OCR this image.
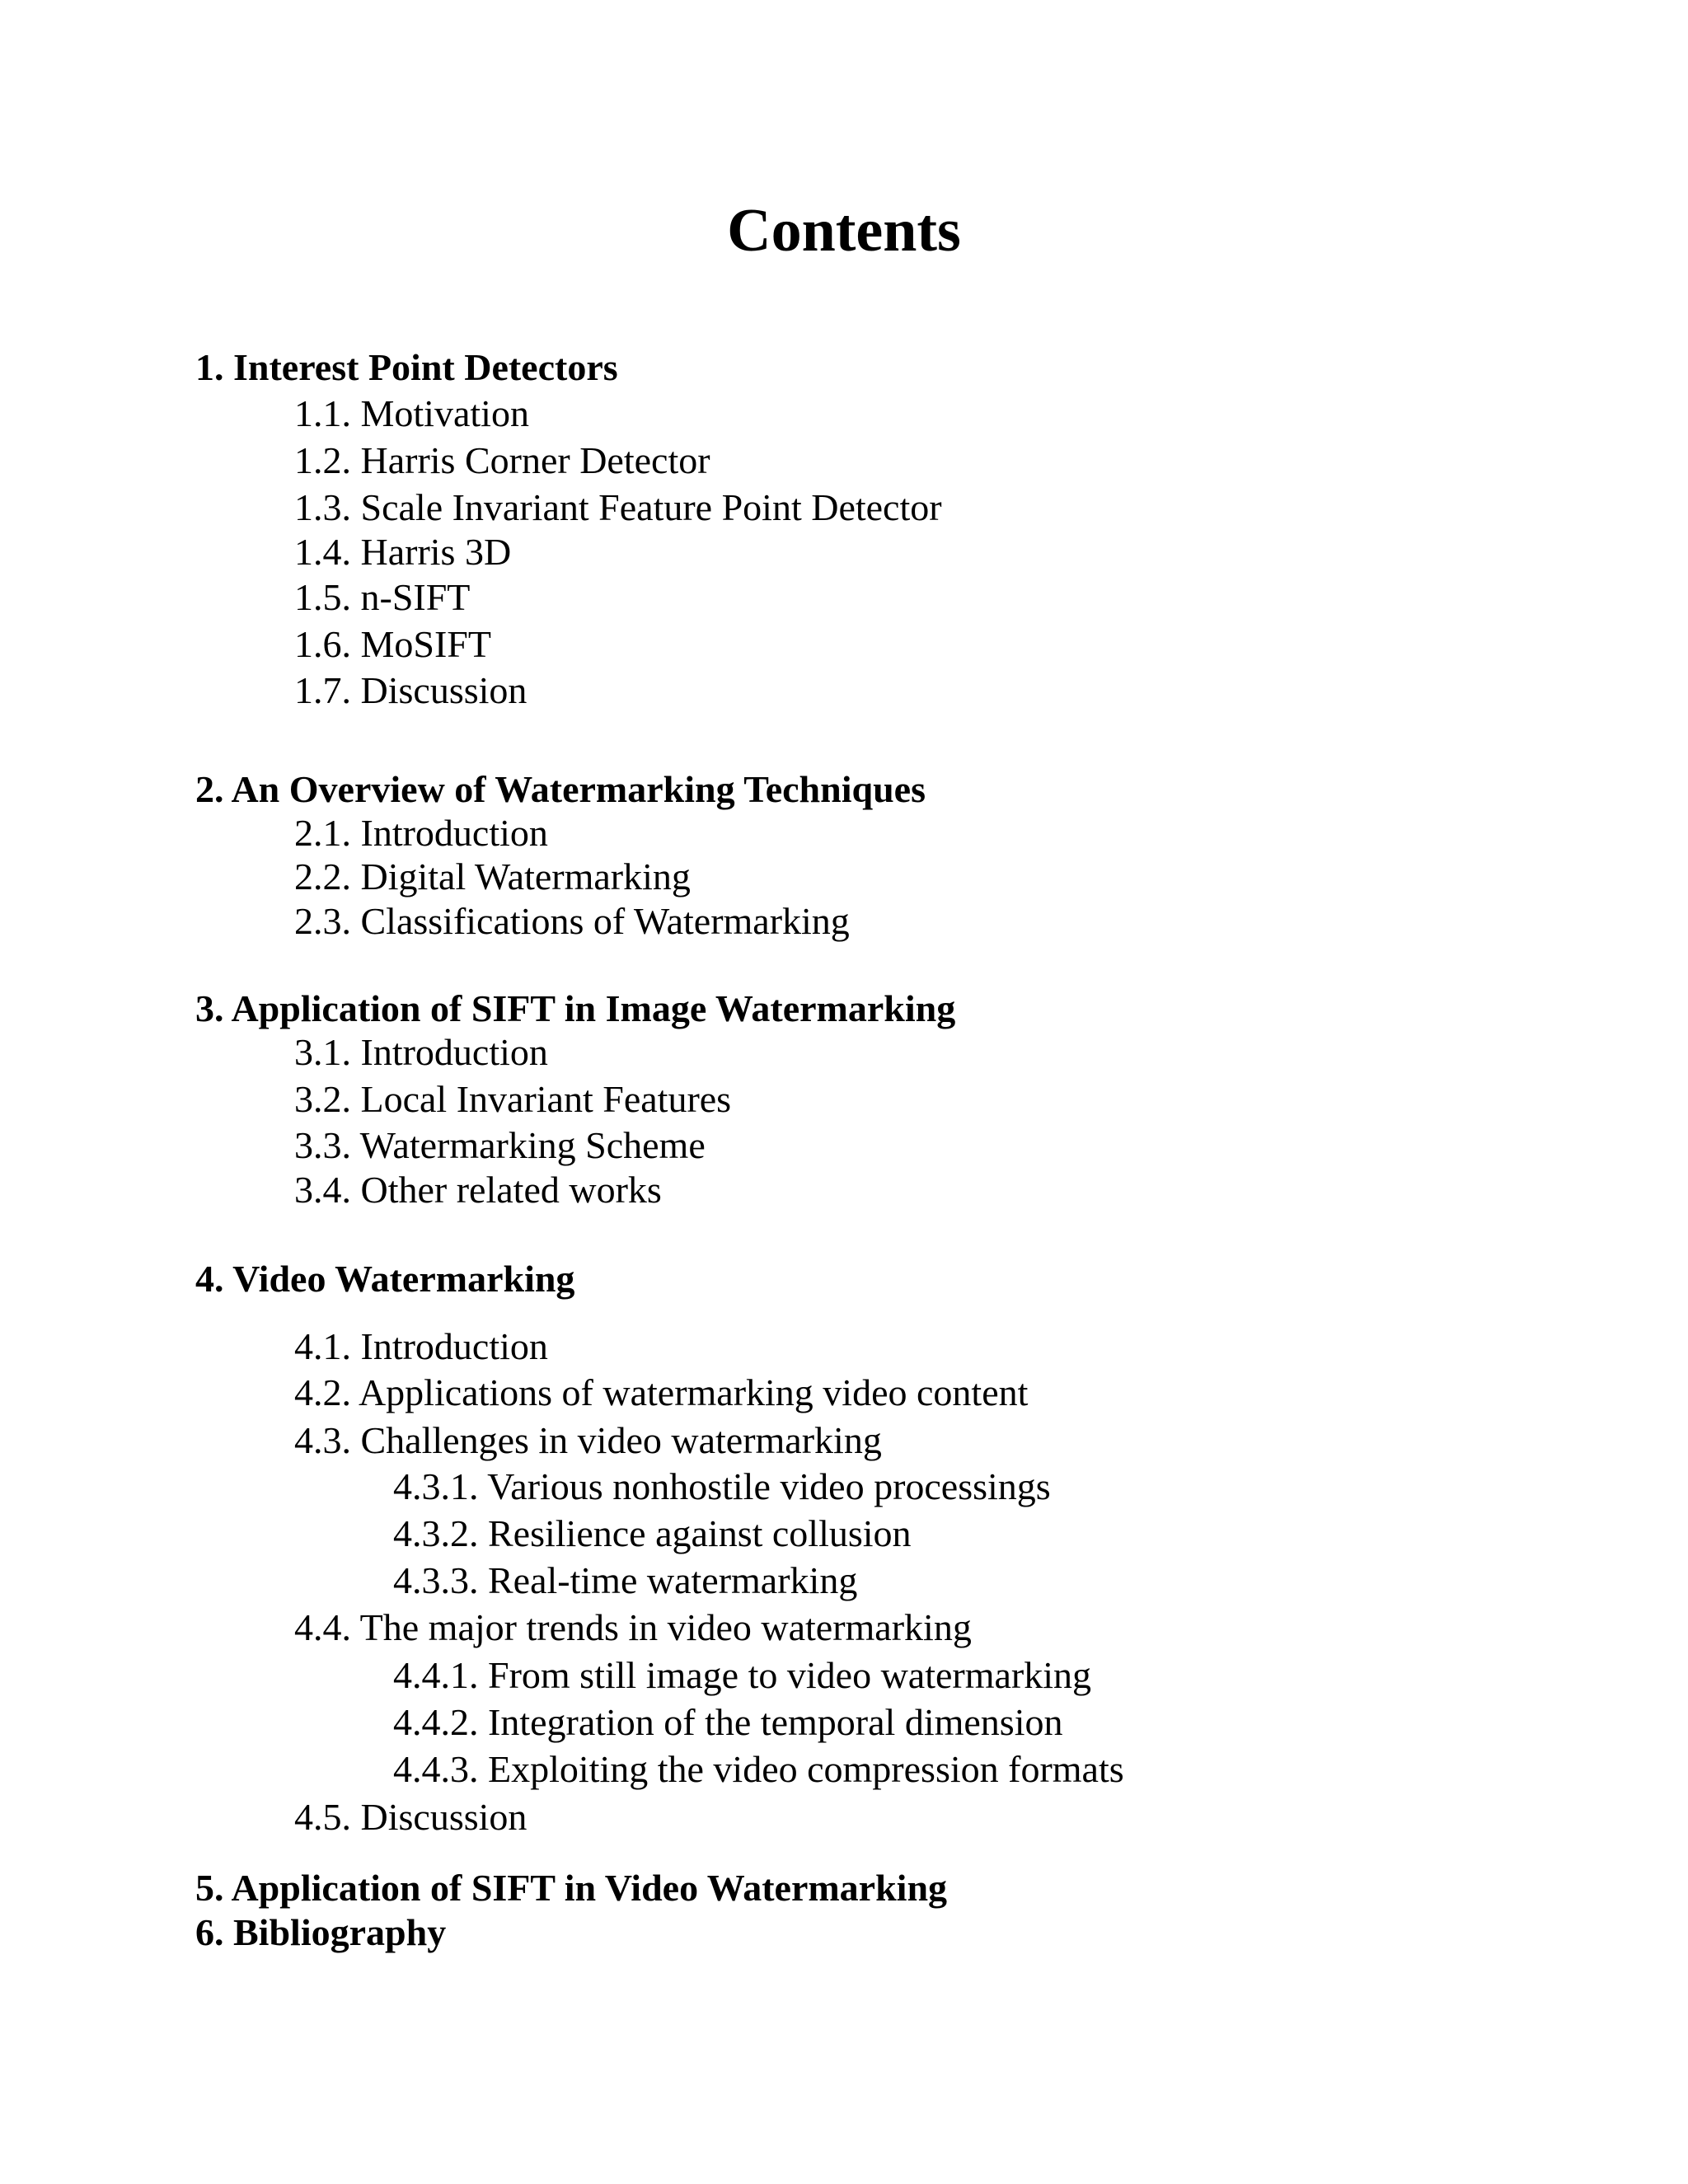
Contents
1. Interest Point Detectors
1.1. Motivation
1.2. Harris Corner Detector
1.3. Scale Invariant Feature Point Detector
1.4. Harris 3D
1.5. n-SIFT
1.6. MoSIFT
1.7. Discussion
2. An Overview of Watermarking Techniques
2.1. Introduction
2.2. Digital Watermarking
2.3. Classifications of Watermarking
3. Application of SIFT in Image Watermarking
3.1. Introduction
3.2. Local Invariant Features
3.3. Watermarking Scheme
3.4. Other related works
4. Video Watermarking
4.1. Introduction
4.2. Applications of watermarking video content
4.3. Challenges in video watermarking
4.3.1. Various nonhostile video processings
4.3.2. Resilience against collusion
4.3.3. Real-time watermarking
4.4. The major trends in video watermarking
4.4.1. From still image to video watermarking
4.4.2. Integration of the temporal dimension
4.4.3. Exploiting the video compression formats
4.5. Discussion
5. Application of SIFT in Video Watermarking
6. Bibliography
